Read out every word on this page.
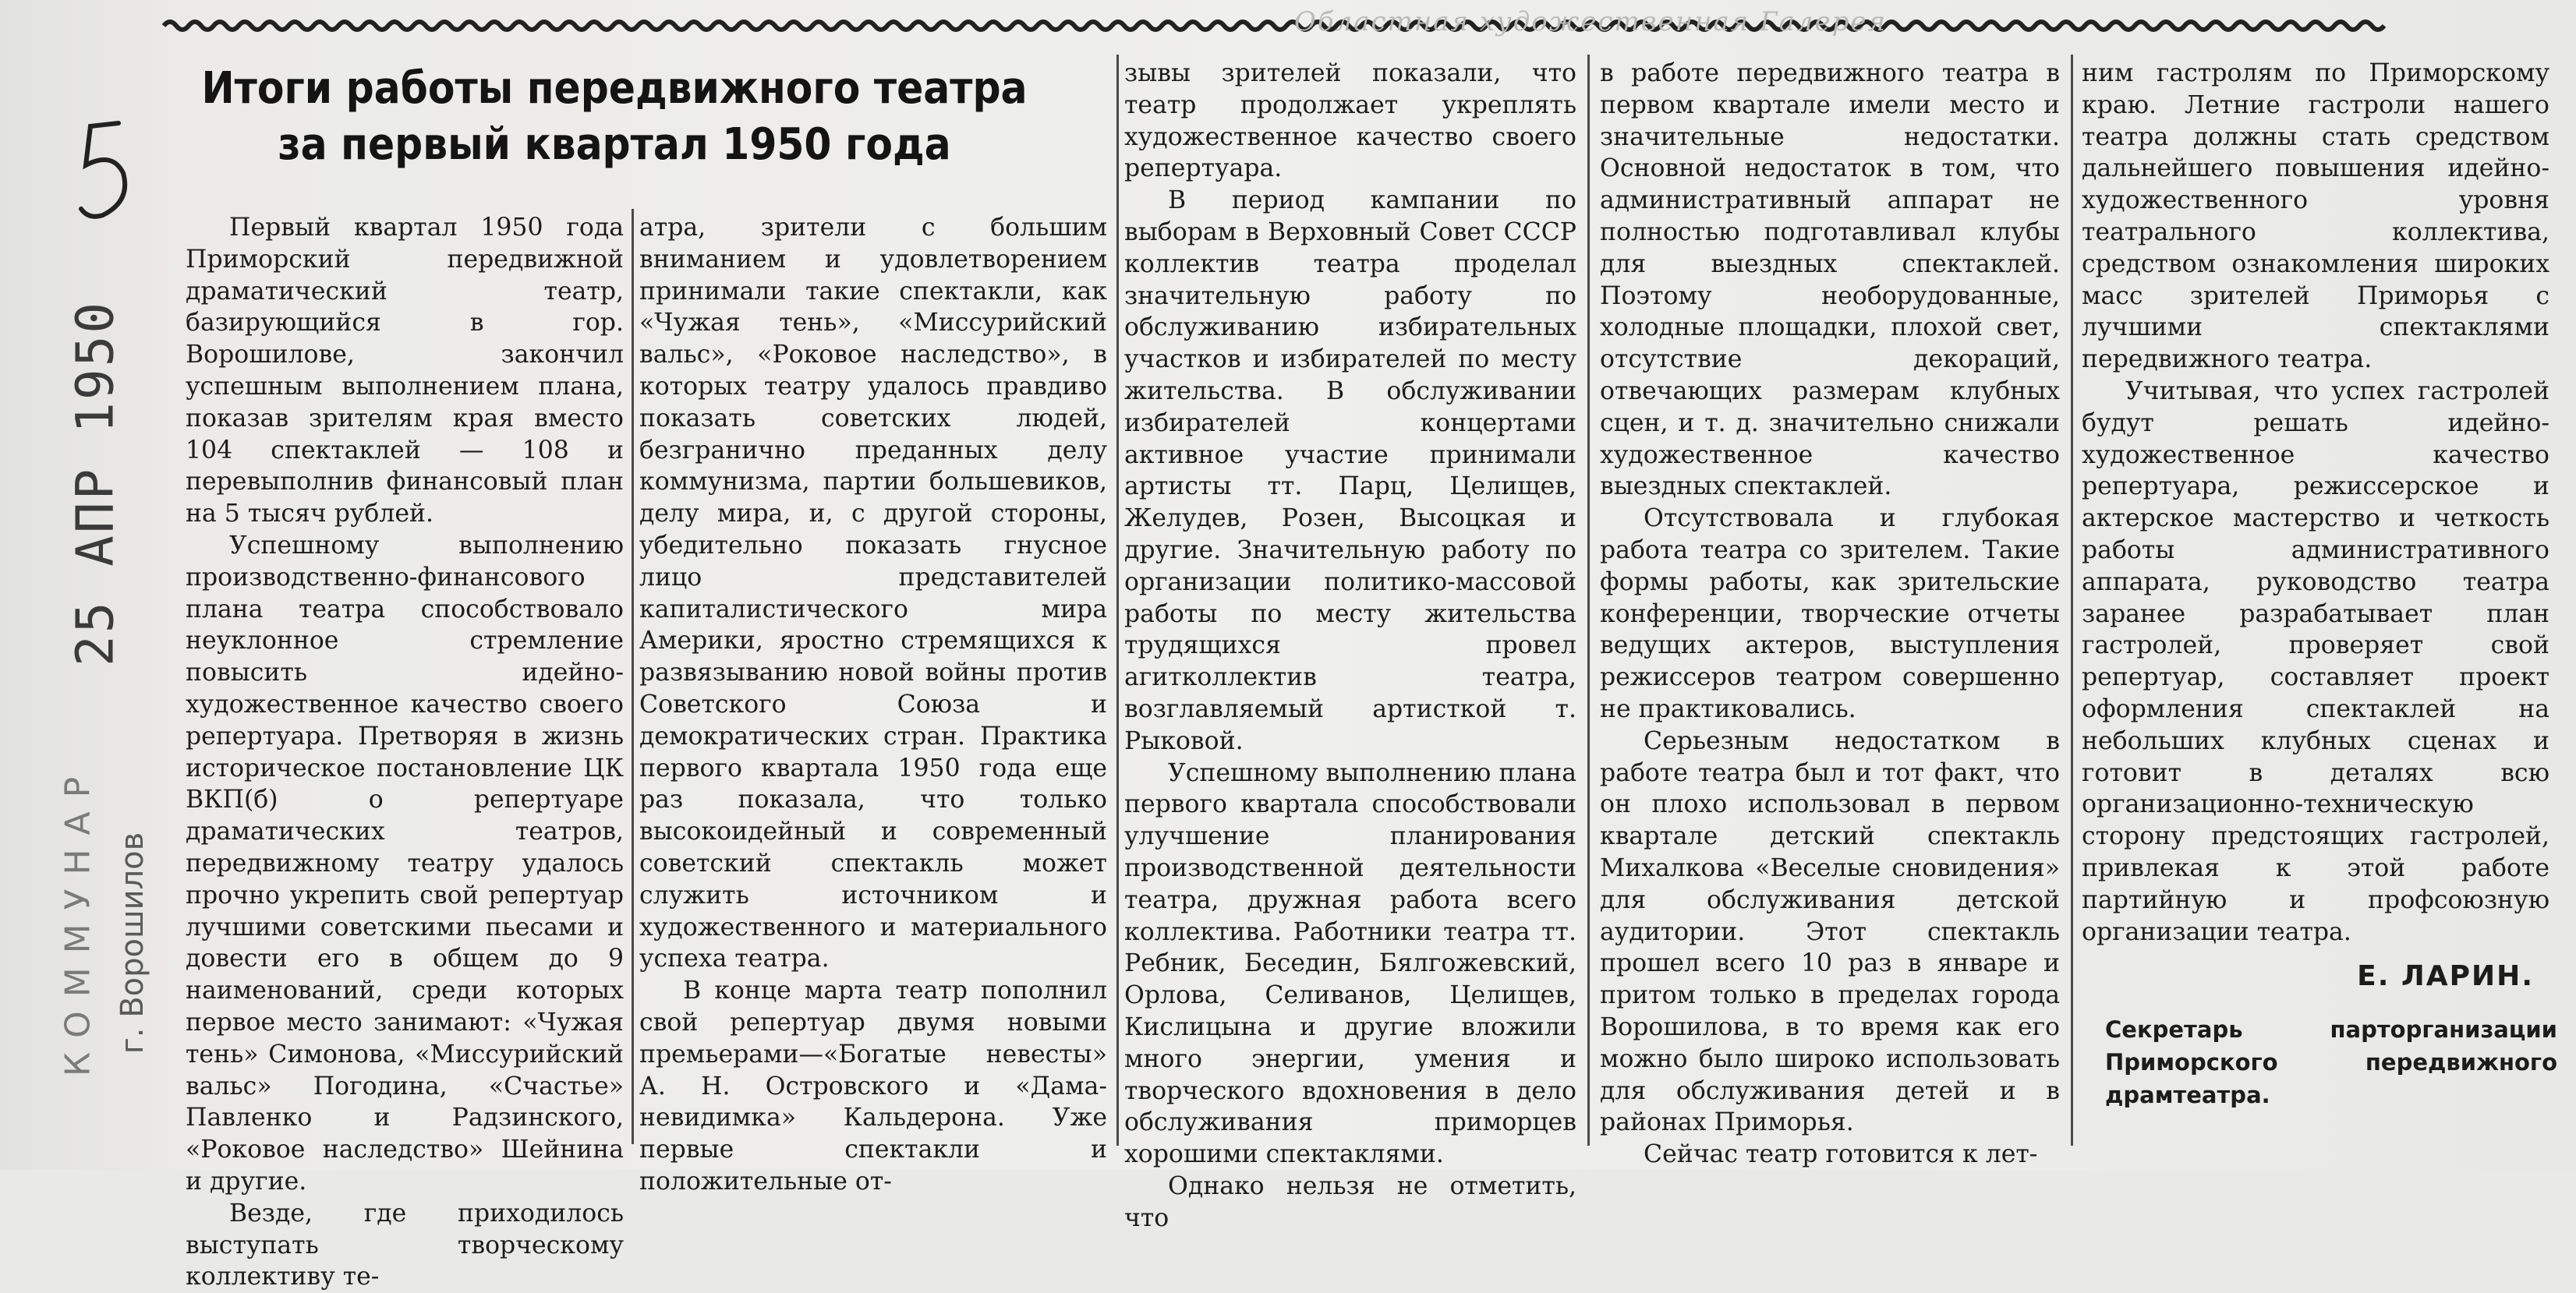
Областная художественная Галерея
25 АПР 1950
КОММУНАР г. Ворошилов
Итоги работы передвижного театра
за первый квартал 1950 года

Первый квартал 1950 года Приморский передвижной драматический театр, базирующийся в гор. Ворошилове, закончил успешным выполнением плана, показав зрителям края вместо 104 спектаклей — 108 и перевыполнив финансовый план на 5 тысяч рублей.

Успешному выполнению производственно-финансового плана театра способствовало неуклонное стремление повысить идейно-художественное качество своего репертуара. Претворяя в жизнь историческое постановление ЦК ВКП(б) о репертуаре драматических театров, передвижному театру удалось прочно укрепить свой репертуар лучшими советскими пьесами и довести его в общем до 9 наименований, среди которых первое место занимают: «Чужая тень» Симонова, «Миссурийский вальс» Погодина, «Счастье» Павленко и Радзинского, «Роковое наследство» Шейнина и другие.

Везде, где приходилось выступать творческому коллективу те-

атра, зрители с большим вниманием и удовлетворением принимали такие спектакли, как «Чужая тень», «Миссурийский вальс», «Роковое наследство», в которых театру удалось правдиво показать советских людей, безгранично преданных делу коммунизма, партии большевиков, делу мира, и, с другой стороны, убедительно показать гнусное лицо представителей капиталистического мира Америки, яростно стремящихся к развязыванию новой войны против Советского Союза и демократических стран. Практика первого квартала 1950 года еще раз показала, что только высокоидейный и современный советский спектакль может служить источником и художественного и материального успеха театра.

В конце марта театр пополнил свой репертуар двумя новыми премьерами—«Богатые невесты» А. Н. Островского и «Дама-невидимка» Кальдерона. Уже первые спектакли и положительные от-

зывы зрителей показали, что театр продолжает укреплять художественное качество своего репертуара.

В период кампании по выборам в Верховный Совет СССР коллектив театра проделал значительную работу по обслуживанию избирательных участков и избирателей по месту жительства. В обслуживании избирателей концертами активное участие принимали артисты тт. Парц, Целищев, Желудев, Розен, Высоцкая и другие. Значительную работу по организации политико-массовой работы по месту жительства трудящихся провел агитколлектив театра, возглавляемый артисткой т. Рыковой.

Успешному выполнению плана первого квартала способствовали улучшение планирования производственной деятельности театра, дружная работа всего коллектива. Работники театра тт. Ребник, Беседин, Бялгожевский, Орлова, Селиванов, Целищев, Кислицына и другие вложили много энергии, умения и творческого вдохновения в дело обслуживания приморцев хорошими спектаклями.

Однако нельзя не отметить, что

в работе передвижного театра в первом квартале имели место и значительные недостатки. Основной недостаток в том, что административный аппарат не полностью подготавливал клубы для выездных спектаклей. Поэтому необорудованные, холодные площадки, плохой свет, отсутствие декораций, отвечающих размерам клубных сцен, и т. д. значительно снижали художественное качество выездных спектаклей.

Отсутствовала и глубокая работа театра со зрителем. Такие формы работы, как зрительские конференции, творческие отчеты ведущих актеров, выступления режиссеров театром совершенно не практиковались.

Серьезным недостатком в работе театра был и тот факт, что он плохо использовал в первом квартале детский спектакль Михалкова «Веселые сновидения» для обслуживания детской аудитории. Этот спектакль прошел всего 10 раз в январе и притом только в пределах города Ворошилова, в то время как его можно было широко использовать для обслуживания детей и в районах Приморья.

Сейчас театр готовится к лет-

ним гастролям по Приморскому краю. Летние гастроли нашего театра должны стать средством дальнейшего повышения идейно-художественного уровня театрального коллектива, средством ознакомления широких масс зрителей Приморья с лучшими спектаклями передвижного театра.

Учитывая, что успех гастролей будут решать идейно-художественное качество репертуара, режиссерское и актерское мастерство и четкость работы административного аппарата, руководство театра заранее разрабатывает план гастролей, проверяет свой репертуар, составляет проект оформления спектаклей на небольших клубных сценах и готовит в деталях всю организационно-техническую сторону предстоящих гастролей, привлекая к этой работе партийную и профсоюзную организации театра.

Е. ЛАРИН.
Секретарь парторганизации Приморского передвижного драмтеатра.
